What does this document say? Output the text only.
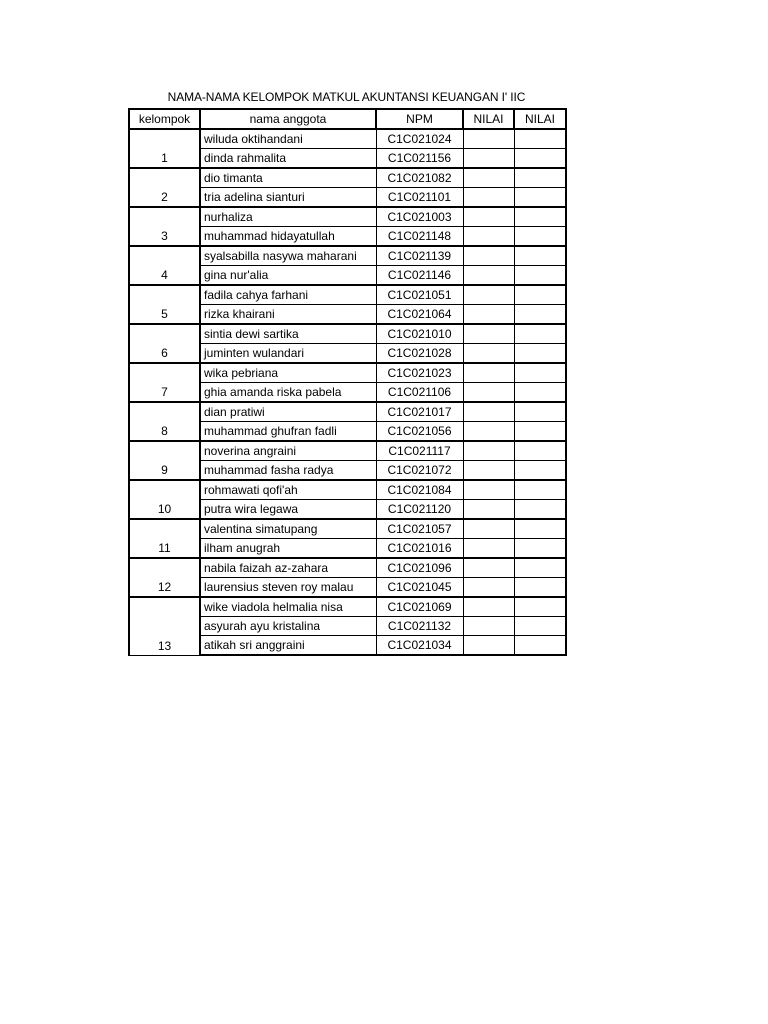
NAMA-NAMA KELOMPOK MATKUL AKUNTANSI KEUANGAN I' IIC
kelompok	nama anggota	NPM	NILAI	NILAI
1	wiluda oktihandani	C1C021024		
	dinda rahmalita	C1C021156		
2	dio timanta	C1C021082		
	tria adelina sianturi	C1C021101		
3	nurhaliza	C1C021003		
	muhammad hidayatullah	C1C021148		
4	syalsabilla nasywa maharani	C1C021139		
	gina nur'alia	C1C021146		
5	fadila cahya farhani	C1C021051		
	rizka khairani	C1C021064		
6	sintia dewi sartika	C1C021010		
	juminten wulandari	C1C021028		
7	wika pebriana	C1C021023		
	ghia amanda riska pabela	C1C021106		
8	dian pratiwi	C1C021017		
	muhammad ghufran fadli	C1C021056		
9	noverina angraini	C1C021117		
	muhammad fasha radya	C1C021072		
10	rohmawati qofi'ah	C1C021084		
	putra wira legawa	C1C021120		
11	valentina simatupang	C1C021057		
	ilham anugrah	C1C021016		
12	nabila faizah az-zahara	C1C021096		
	laurensius steven roy malau	C1C021045		
13	wike viadola helmalia nisa	C1C021069		
	asyurah ayu kristalina	C1C021132		
	atikah sri anggraini	C1C021034		
